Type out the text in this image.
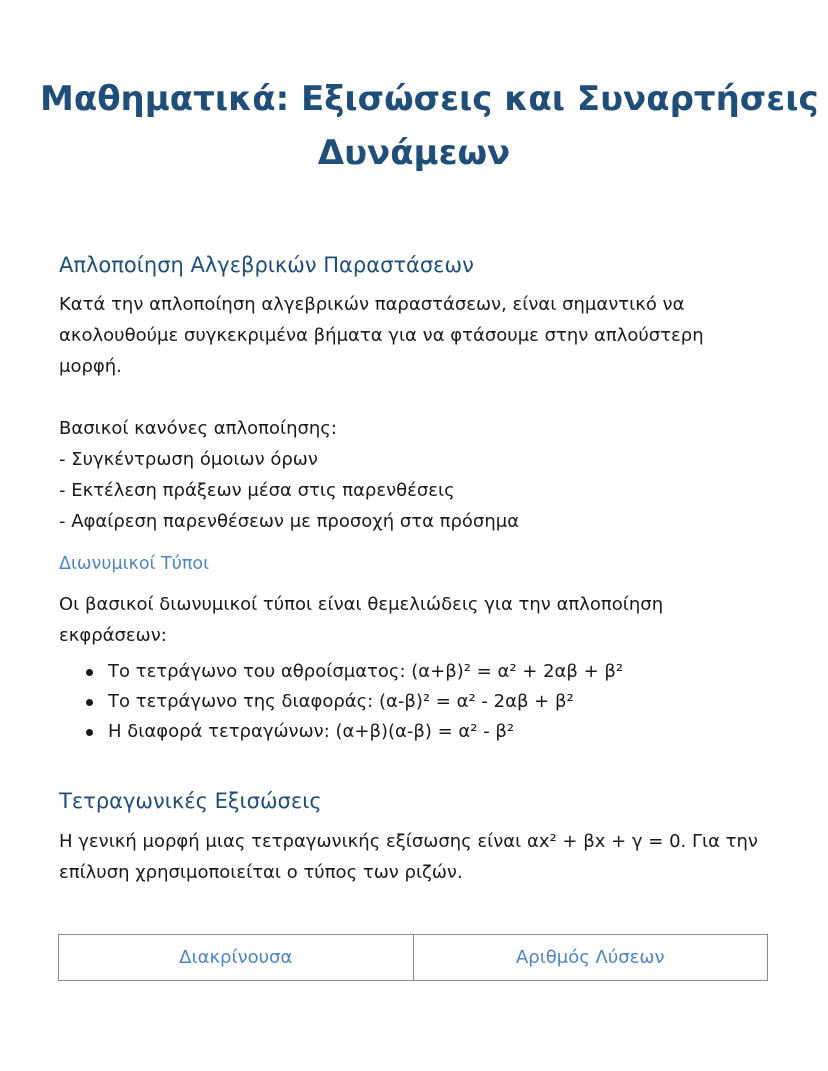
Μαθηματικά: Εξισώσεις και Συναρτήσεις
Δυνάμεων
Απλοποίηση Αλγεβρικών Παραστάσεων

Κατά την απλοποίηση αλγεβρικών παραστάσεων, είναι σημαντικό να
ακολουθούμε συγκεκριμένα βήματα για να φτάσουμε στην απλούστερη
μορφή.

Βασικοί κανόνες απλοποίησης:
- Συγκέντρωση όμοιων όρων
- Εκτέλεση πράξεων μέσα στις παρενθέσεις
- Αφαίρεση παρενθέσεων με προσοχή στα πρόσημα

Διωνυμικοί Τύποι

Οι βασικοί διωνυμικοί τύποι είναι θεμελιώδεις για την απλοποίηση
εκφράσεων:

Το τετράγωνο του αθροίσματος: (α+β)² = α² + 2αβ + β²
Το τετράγωνο της διαφοράς: (α-β)² = α² - 2αβ + β²
Η διαφορά τετραγώνων: (α+β)(α-β) = α² - β²
Τετραγωνικές Εξισώσεις

Η γενική μορφή μιας τετραγωνικής εξίσωσης είναι αx² + βx + γ = 0. Για την
επίλυση χρησιμοποιείται ο τύπος των ριζών.

Διακρίνουσα	Αριθμός Λύσεων
